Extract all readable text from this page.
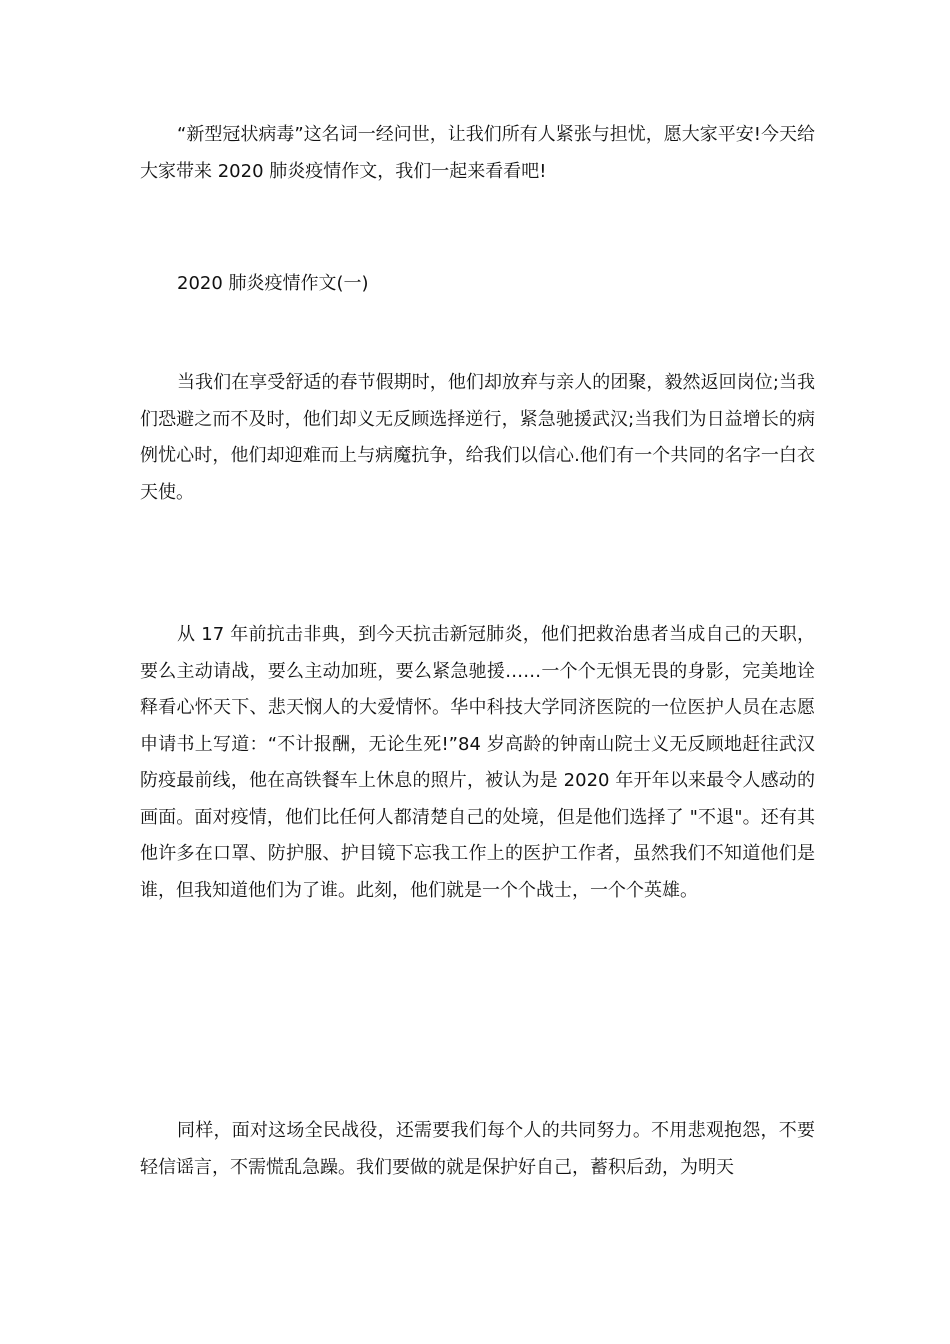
“新型冠状病毒”这名词一经问世，让我们所有人紧张与担忧，愿大家平安!今天给大家带来 2020 肺炎疫情作文，我们一起来看看吧!

2020 肺炎疫情作文(一)

当我们在享受舒适的春节假期时，他们却放弃与亲人的团聚，毅然返回岗位;当我们恐避之而不及时，他们却义无反顾选择逆行，紧急驰援武汉;当我们为日益增长的病例忧心时，他们却迎难而上与病魔抗争，给我们以信心.他们有一个共同的名字一白衣天使。

从 17 年前抗击非典，到今天抗击新冠肺炎，他们把救治患者当成自己的天职，要么主动请战，要么主动加班，要么紧急驰援……一个个无惧无畏的身影，完美地诠释看心怀天下、悲天悯人的大爱情怀。华中科技大学同济医院的一位医护人员在志愿申请书上写道：“不计报酬，无论生死!”84 岁高龄的钟南山院士义无反顾地赶往武汉防疫最前线，他在高铁餐车上休息的照片，被认为是 2020 年开年以来最令人感动的画面。面对疫情，他们比任何人都清楚自己的处境，但是他们选择了 "不退"。还有其他许多在口罩、防护服、护目镜下忘我工作上的医护工作者，虽然我们不知道他们是谁，但我知道他们为了谁。此刻，他们就是一个个战士，一个个英雄。

同样，面对这场全民战役，还需要我们每个人的共同努力。不用悲观抱怨，不要轻信谣言，不需慌乱急躁。我们要做的就是保护好自己，蓄积后劲，为明天
